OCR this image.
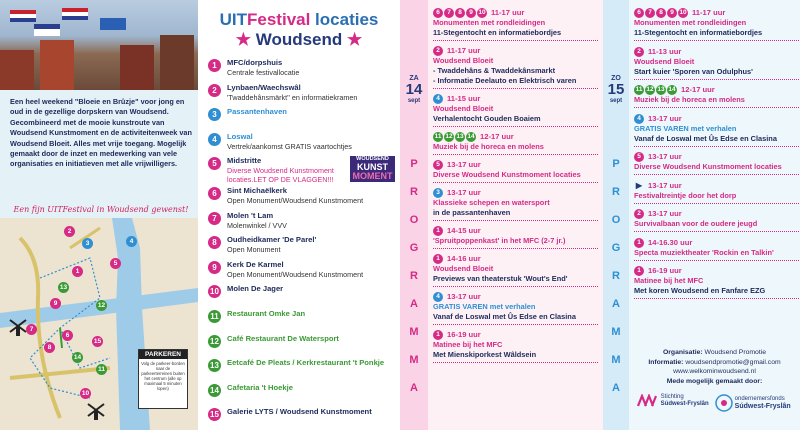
Een heel weekend "Bloeie en Brûzje" voor jong en oud in de gezellige dorpskern van Woudsend. Gecombineerd met de mooie kunstroute van Woudsend Kunstmoment en de activiteitenweek van Woudsend Bloeit. Alles met vrije toegang. Mogelijk gemaakt door de inzet en medewerking van vele organisaties en initiatieven met alle vrijwilligers.
Een fijn UITFestival in Woudsend gewenst!
2
3
5
4
1
13
9	12
7
6
15
8
14
11
10
PARKEREN
Volg de parkeer-borden naar de parkeerterreinen buiten het centrum (alle op maximaal 5 minuten lopen)
UITFestival locaties
★ Woudsend ★
1	MFC/dorpshuis
Centrale festivallocatie
2	Lynbaen/Waechswâl
'Twaddehânsmärkt'' en informatiekramen
3	Passantenhaven
4	Loswal
Vertrek/aankomst GRATIS vaartochtjes
5	Midstritte
Diverse Woudsend Kunstmoment
locaties.LET OP DE VLAGGEN!!!
6	Sint Michaëlkerk
Open Monument/Woudsend Kunstmoment
7	Molen 't Lam
Molenwinkel / VVV
8	Oudheidkamer 'De Parel'
Open Monument
9	Kerk De Karmel
Open Monument/Woudsend Kunstmoment
10 Molen De Jager
11 Restaurant Omke Jan
12 Café Restaurant De Watersport
13 Eetcafé De Pleats / Kerkrestaurant 't Ponkje
14 Cafetaria 't Hoekje
15 Galerie LYTS / Woudsend Kunstmoment
WOUDSEND
KUNST
MOMENT
ZA
14
sept
P
R
O
G
R
A
M
M
A
6 7 8 9 10 11-17 uur
Monumenten met rondleidingen
11-Stegentocht en informatiebordjes
2 11-17 uur
Woudsend Bloeit
- Twaddehâns & Twaddekânsmarkt
- Informatie Deelauto en Elektrisch varen
4 11-15 uur
Woudsend Bloeit
Verhalentocht Gouden Boaiem
11 12 13 14 12-17 uur
Muziek bij de horeca en molens
5 13-17 uur
Diverse Woudsend Kunstmoment locaties
3 13-17 uur
Klassieke schepen en watersport
in de passantenhaven
1 14-15 uur
'Spruitpoppenkast' in het MFC (2-7 jr.)
1 14-16 uur
Woudsend Bloeit
Previews van theaterstuk 'Wout's End'
4 13-17 uur
GRATIS VAREN met verhalen
Vanaf de Loswal met Ûs Edse en Clasina
1 16-19 uur
Matinee bij het MFC
Met Mienskiporkest Wâldsein
ZO
15
sept
P
R
O
G
R
A
M
M
A
Organisatie: Woudsend Promotie
Informatie: woudsendpromotie@gmail.com
www.welkominwoudsend.nl
Mede mogelijk gemaakt door:

Stichting
Súdwest-Fryslân

ondernemersfonds
Súdwest-Fryslân
6 7 8 9 10 11-17 uur
Monumenten met rondleidingen
11-Stegentocht en informatiebordjes
2 11-13 uur
Woudsend Bloeit
Start kuier 'Sporen van Odulphus'
11 12 13 14 12-17 uur
Muziek bij de horeca en molens
4 13-17 uur
GRATIS VAREN met verhalen
Vanaf de Loswal met Ûs Edse en Clasina
5 13-17 uur
Diverse Woudsend Kunstmoment locaties
▶ 13-17 uur
Festivaltreintje door het dorp
2 13-17 uur
Survivalbaan voor de oudere jeugd
1 14-16.30 uur
Specta muziektheater 'Rockin en Talkin'
1 16-19 uur
Matinee bij het MFC
Met koren Woudsend en Fanfare EZG
